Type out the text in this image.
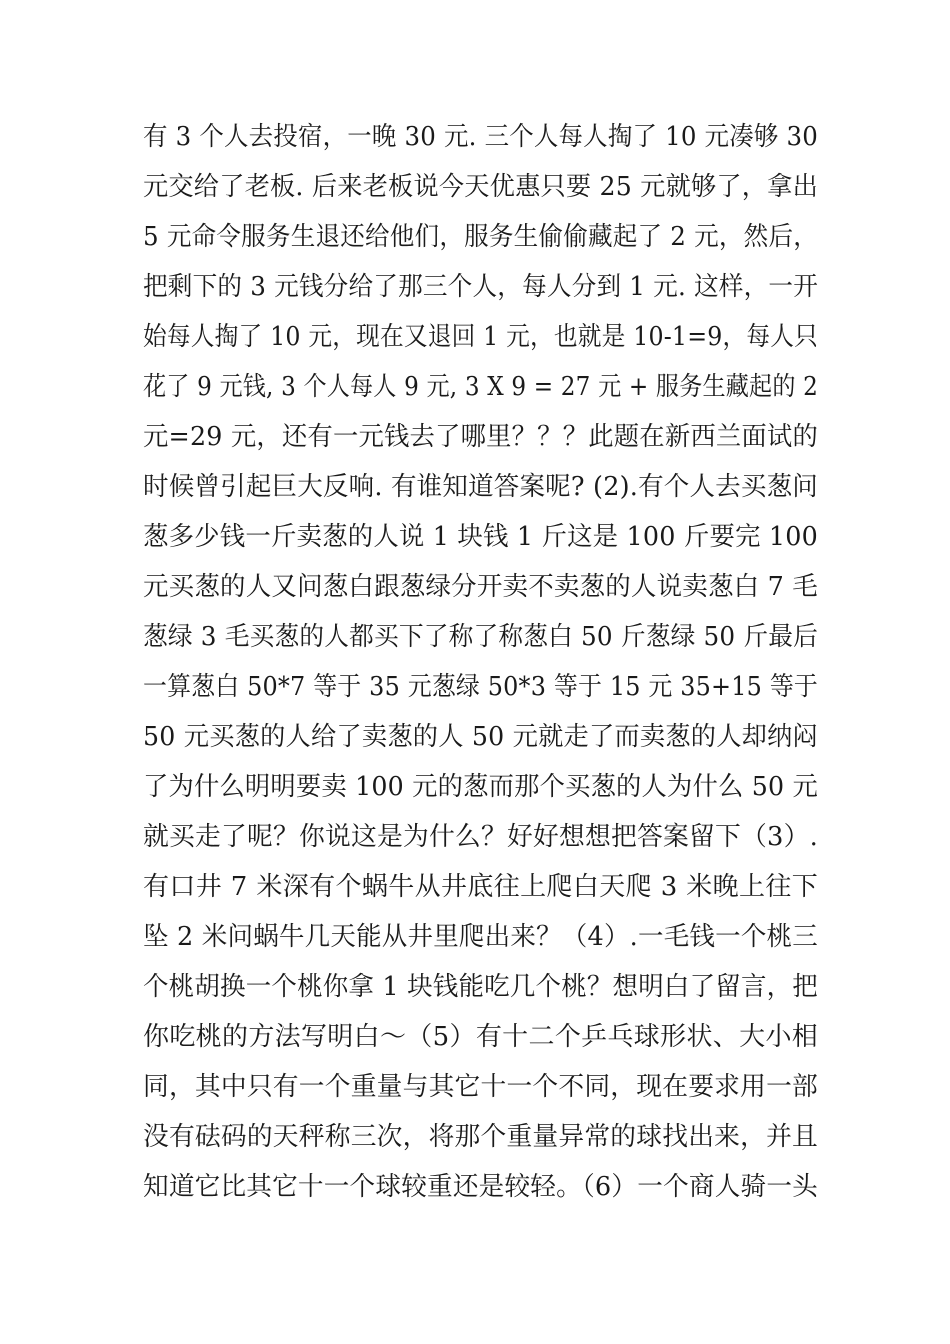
有 3 个人去投宿，一晚 30 元. 三个人每人掏了 10 元凑够 30
元交给了老板. 后来老板说今天优惠只要 25 元就够了，拿出
5 元命令服务生退还给他们，服务生偷偷藏起了 2 元，然后，
把剩下的 3 元钱分给了那三个人，每人分到 1 元. 这样，一开
始每人掏了 10 元，现在又退回 1 元，也就是 10-1=9，每人只
花了 9 元钱, 3 个人每人 9 元, 3 X 9 = 27 元 + 服务生藏起的 2
元=29 元，还有一元钱去了哪里？？？此题在新西兰面试的
时候曾引起巨大反响. 有谁知道答案呢? (2).有个人去买葱问
葱多少钱一斤卖葱的人说 1 块钱 1 斤这是 100 斤要完 100
元买葱的人又问葱白跟葱绿分开卖不卖葱的人说卖葱白 7 毛
葱绿 3 毛买葱的人都买下了称了称葱白 50 斤葱绿 50 斤最后
一算葱白 50*7 等于 35 元葱绿 50*3 等于 15 元 35+15 等于
50 元买葱的人给了卖葱的人 50 元就走了而卖葱的人却纳闷
了为什么明明要卖 100 元的葱而那个买葱的人为什么 50 元
就买走了呢？你说这是为什么？好好想想把答案留下（3）.
有口井 7 米深有个蜗牛从井底往上爬白天爬 3 米晚上往下
坠 2 米问蜗牛几天能从井里爬出来？（4）.一毛钱一个桃三
个桃胡换一个桃你拿 1 块钱能吃几个桃？想明白了留言，把
你吃桃的方法写明白～（5）有十二个乒乓球形状、大小相
同，其中只有一个重量与其它十一个不同，现在要求用一部
没有砝码的天秤称三次，将那个重量异常的球找出来，并且
知道它比其它十一个球较重还是较轻。（6）一个商人骑一头
